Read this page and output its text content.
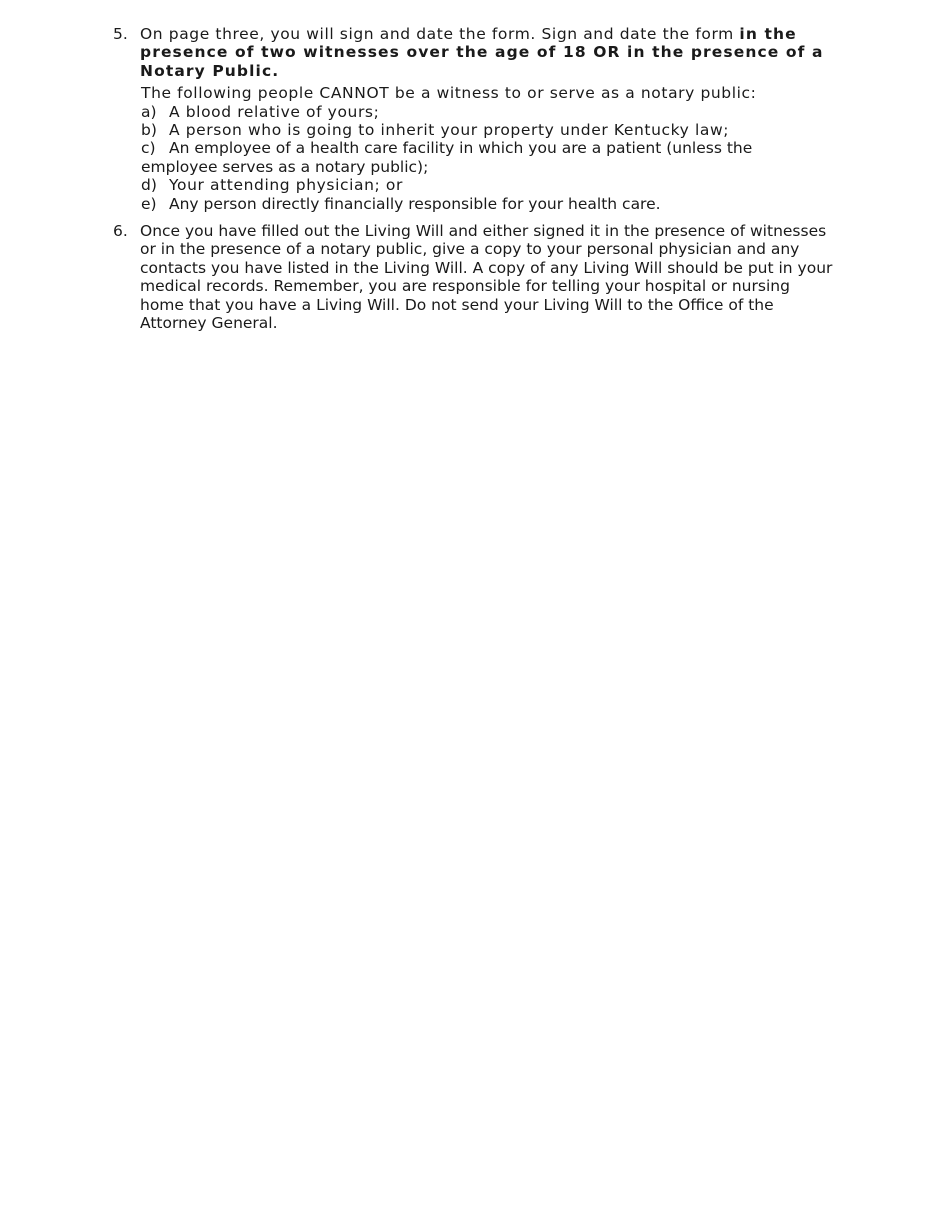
5. On page three, you will sign and date the form. Sign and date the form in the presence of two witnesses over the age of 18 OR in the presence of a Notary Public.
The following people CANNOT be a witness to or serve as a notary public:
a) A blood relative of yours;
b) A person who is going to inherit your property under Kentucky law;
c) An employee of a health care facility in which you are a patient (unless the
employee serves as a notary public);
d) Your attending physician; or
e) Any person directly financially responsible for your health care.
6. Once you have filled out the Living Will and either signed it in the presence of witnesses or in the presence of a notary public, give a copy to your personal physician and any contacts you have listed in the Living Will. A copy of any Living Will should be put in your medical records. Remember, you are responsible for telling your hospital or nursing home that you have a Living Will. Do not send your Living Will to the Office of the Attorney General.
